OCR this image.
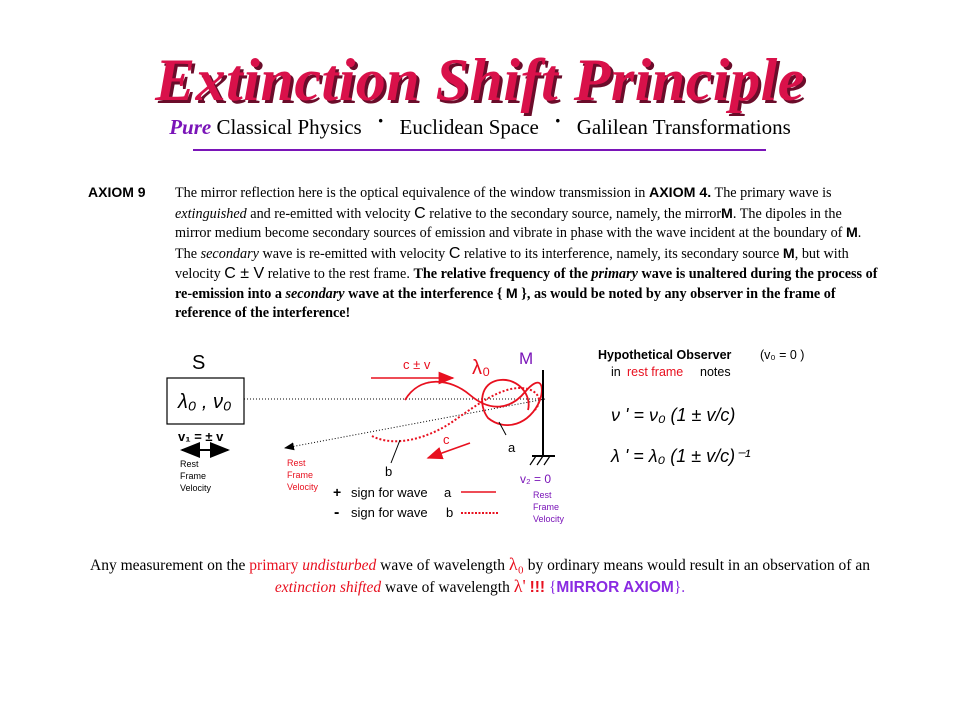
Extinction Shift Principle
Pure Classical Physics · Euclidean Space · Galilean Transformations
AXIOM 9 The mirror reflection here is the optical equivalence of the window transmission in AXIOM 4. The primary wave is extinguished and re-emitted with velocity C relative to the secondary source, namely, the mirrorM. The dipoles in the mirror medium become secondary sources of emission and vibrate in phase with the wave incident at the boundary of M. The secondary wave is re-emitted with velocity C relative to its interference, namely, its secondary source M, but with velocity C ± V relative to the rest frame. The relative frequency of the primary wave is unaltered during the process of re-emission into a secondary wave at the interference { M }, as would be noted by any observer in the frame of reference of the interference!
S
λ₀ , ν₀
v₁ = ± v
Rest
Frame
Velocity
Rest
Frame
Velocity
c ± v λ₀
c
a
b
M
v₂ = 0
Rest
Frame
Velocity
+ sign for wave a
- sign for wave b
Hypothetical Observer (v₀ = 0 )
in rest frame notes
ν ' = ν₀ (1 ± v/c)
λ ' = λ₀ (1 ± v/c)⁻¹
Any measurement on the primary undisturbed wave of wavelength λ₀ by ordinary means would result in an observation of an extinction shifted wave of wavelength λ' !!! {MIRROR AXIOM}.
